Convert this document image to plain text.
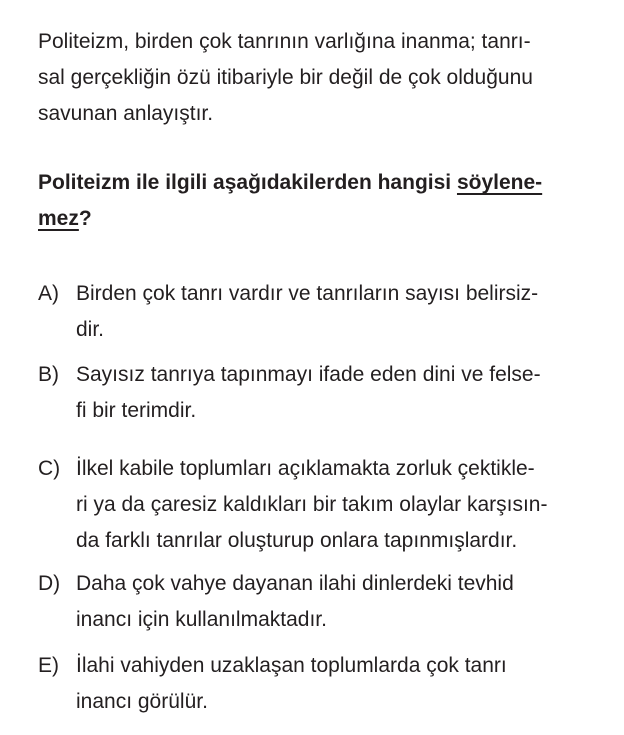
Politeizm, birden çok tanrının varlığına inanma; tanrı-
sal gerçekliğin özü itibariyle bir değil de çok olduğunu
savunan anlayıştır.

Politeizm ile ilgili aşağıdakilerden hangisi söylene-
mez?

A) Birden çok tanrı vardır ve tanrıların sayısı belirsiz-
dir.
B) Sayısız tanrıya tapınmayı ifade eden dini ve felse-
fi bir terimdir.
C) İlkel kabile toplumları açıklamakta zorluk çektikle-
ri ya da çaresiz kaldıkları bir takım olaylar karşısın-
da farklı tanrılar oluşturup onlara tapınmışlardır.
D) Daha çok vahye dayanan ilahi dinlerdeki tevhid
inancı için kullanılmaktadır.
E) İlahi vahiyden uzaklaşan toplumlarda çok tanrı
inancı görülür.
